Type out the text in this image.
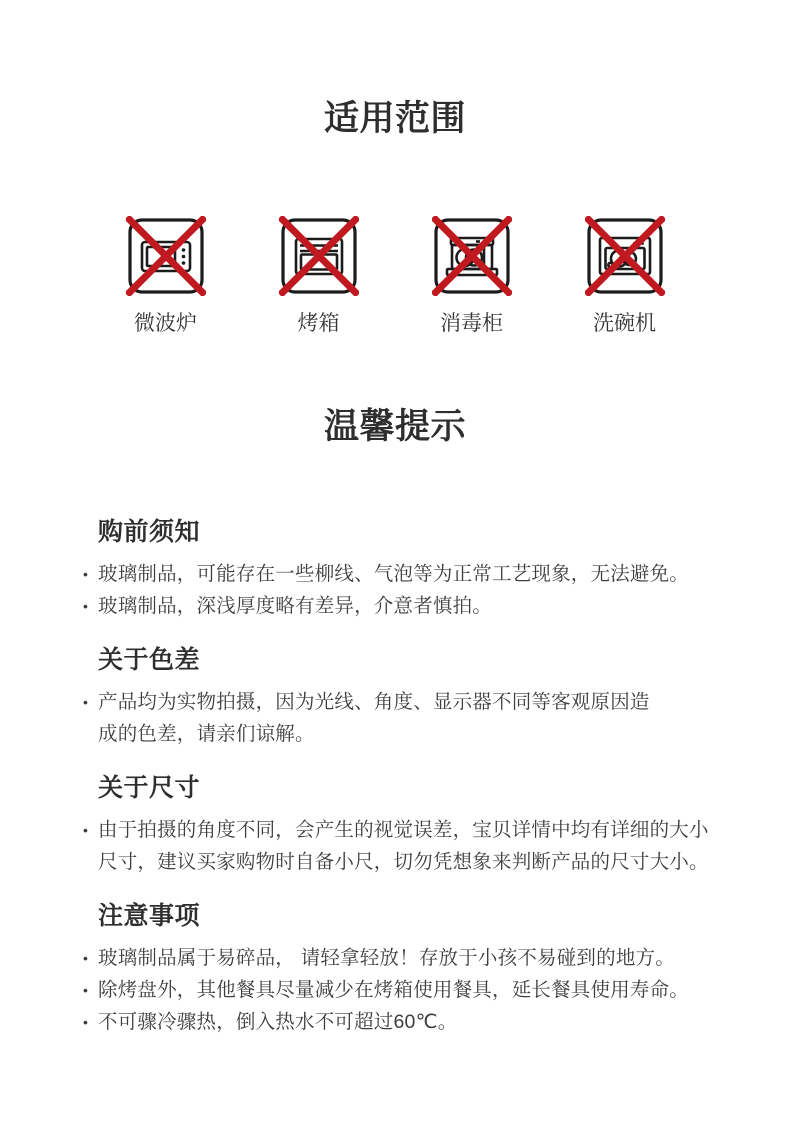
适用范围
微波炉	烤箱	消毒柜	洗碗机
温馨提示
购前须知
• 玻璃制品，可能存在一些柳线、气泡等为正常工艺现象，无法避免。
• 玻璃制品，深浅厚度略有差异，介意者慎拍。
关于色差
• 产品均为实物拍摄，因为光线、角度、显示器不同等客观原因造
成的色差，请亲们谅解。
关于尺寸
• 由于拍摄的角度不同，会产生的视觉误差，宝贝详情中均有详细的大小
尺寸，建议买家购物时自备小尺，切勿凭想象来判断产品的尺寸大小。
注意事项
• 玻璃制品属于易碎品， 请轻拿轻放！存放于小孩不易碰到的地方。
• 除烤盘外，其他餐具尽量减少在烤箱使用餐具，延长餐具使用寿命。
• 不可骤冷骤热，倒入热水不可超过60℃。
